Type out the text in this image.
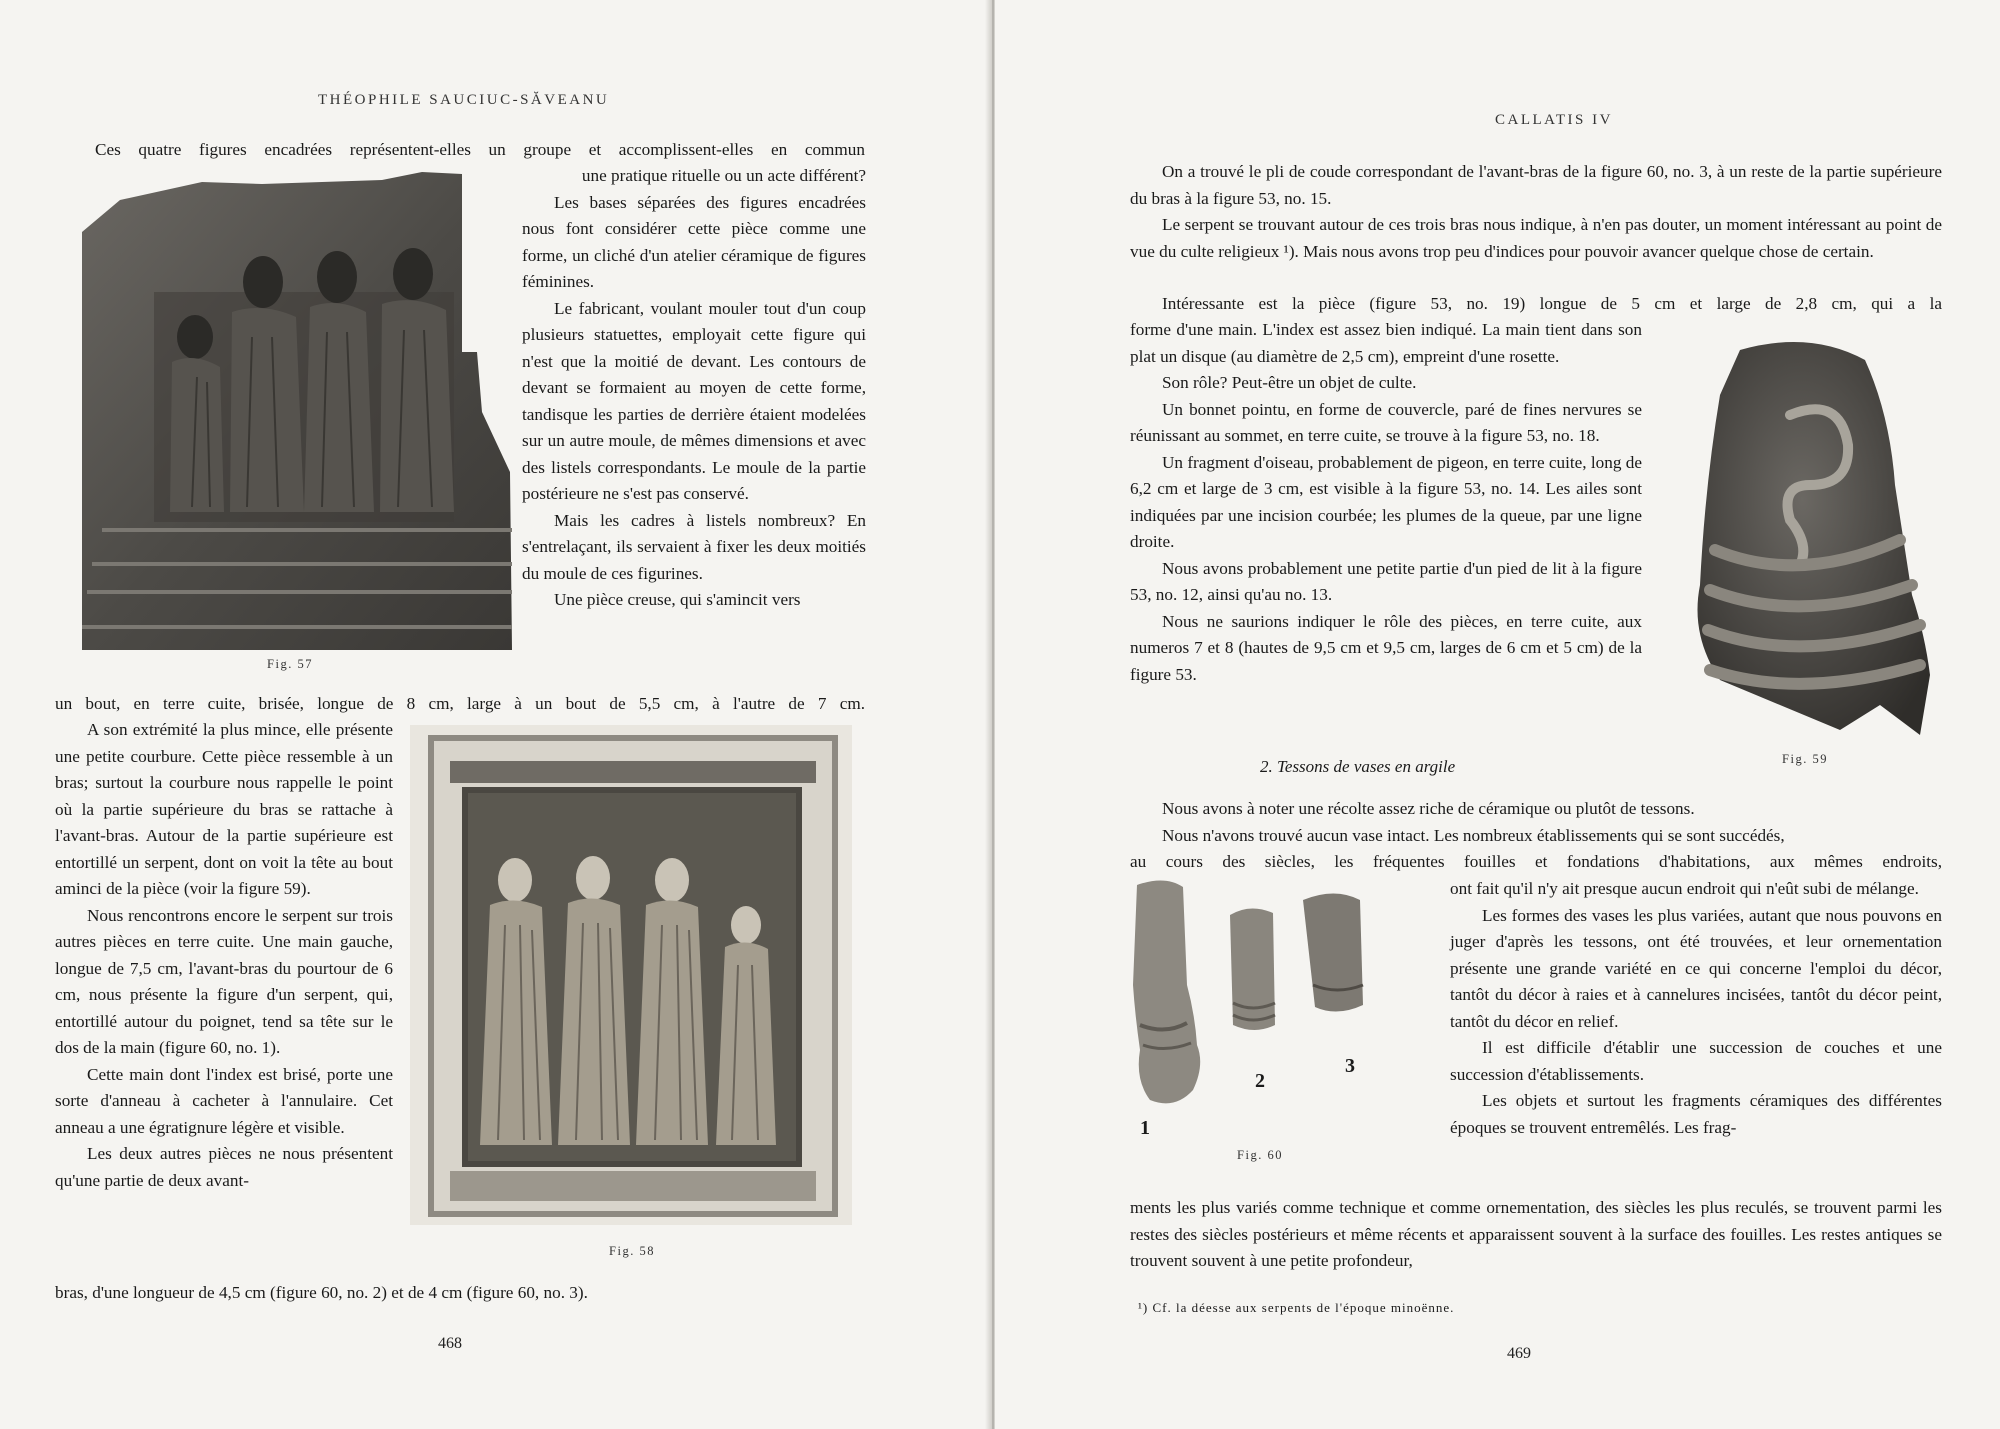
THÉOPHILE SAUCIUC-SĂVEANU

Ces quatre figures encadrées représentent-elles un groupe et accomplissent-elles en commun

Fig. 57

une pratique rituelle ou un acte différent?

Les bases séparées des figures encadrées nous font considérer cette pièce comme une forme, un cliché d'un atelier céramique de figures féminines.

Le fabricant, voulant mouler tout d'un coup plusieurs statuettes, employait cette figure qui n'est que la moitié de devant. Les contours de devant se formaient au moyen de cette forme, tandisque les parties de derrière étaient modelées sur un autre moule, de mêmes dimensions et avec des listels correspondants. Le moule de la partie postérieure ne s'est pas conservé.

Mais les cadres à listels nombreux? En s'entrelaçant, ils servaient à fixer les deux moitiés du moule de ces figurines.

Une pièce creuse, qui s'amincit vers

un bout, en terre cuite, brisée, longue de 8 cm, large à un bout de 5,5 cm, à l'autre de 7 cm.

A son extrémité la plus mince, elle présente une petite courbure. Cette pièce ressemble à un bras; surtout la courbure nous rappelle le point où la partie supérieure du bras se rattache à l'avant-bras. Autour de la partie supérieure est entortillé un serpent, dont on voit la tête au bout aminci de la pièce (voir la figure 59).

Nous rencontrons encore le serpent sur trois autres pièces en terre cuite. Une main gauche, longue de 7,5 cm, l'avant-bras du pourtour de 6 cm, nous présente la figure d'un serpent, qui, entortillé autour du poignet, tend sa tête sur le dos de la main (figure 60, no. 1).

Cette main dont l'index est brisé, porte une sorte d'anneau à cacheter à l'annulaire. Cet anneau a une égratignure légère et visible.

Les deux autres pièces ne nous présentent qu'une partie de deux avant-

Fig. 58

bras, d'une longueur de 4,5 cm (figure 60, no. 2) et de 4 cm (figure 60, no. 3).

468
CALLATIS IV

On a trouvé le pli de coude correspondant de l'avant-bras de la figure 60, no. 3, à un reste de la partie supérieure du bras à la figure 53, no. 15.

Le serpent se trouvant autour de ces trois bras nous indique, à n'en pas douter, un moment intéressant au point de vue du culte religieux ¹). Mais nous avons trop peu d'indices pour pouvoir avancer quelque chose de certain.

Intéressante est la pièce (figure 53, no. 19) longue de 5 cm et large de 2,8 cm, qui a la

forme d'une main. L'index est assez bien indiqué. La main tient dans son plat un disque (au diamètre de 2,5 cm), empreint d'une rosette.

Son rôle? Peut-être un objet de culte.

Un bonnet pointu, en forme de couvercle, paré de fines nervures se réunissant au sommet, en terre cuite, se trouve à la figure 53, no. 18.

Un fragment d'oiseau, probablement de pigeon, en terre cuite, long de 6,2 cm et large de 3 cm, est visible à la figure 53, no. 14. Les ailes sont indiquées par une incision courbée; les plumes de la queue, par une ligne droite.

Nous avons probablement une petite partie d'un pied de lit à la figure 53, no. 12, ainsi qu'au no. 13.

Nous ne saurions indiquer le rôle des pièces, en terre cuite, aux numeros 7 et 8 (hautes de 9,5 cm et 9,5 cm, larges de 6 cm et 5 cm) de la figure 53.

Fig. 59
2. Tessons de vases en argile

Nous avons à noter une récolte assez riche de céramique ou plutôt de tessons.

Nous n'avons trouvé aucun vase intact. Les nombreux établissements qui se sont succédés,

1
2
3
Fig. 60

au cours des siècles, les fréquentes fouilles et fondations d'habitations, aux mêmes endroits,

ont fait qu'il n'y ait presque aucun endroit qui n'eût subi de mélange.

Les formes des vases les plus variées, autant que nous pouvons en juger d'après les tessons, ont été trouvées, et leur ornementation présente une grande variété en ce qui concerne l'emploi du décor, tantôt du décor à raies et à cannelures incisées, tantôt du décor peint, tantôt du décor en relief.

Il est difficile d'établir une succession de couches et une succession d'établissements.

Les objets et surtout les fragments céramiques des différentes époques se trouvent entremêlés. Les frag-

ments les plus variés comme technique et comme ornementation, des siècles les plus reculés, se trouvent parmi les restes des siècles postérieurs et même récents et apparaissent souvent à la surface des fouilles. Les restes antiques se trouvent souvent à une petite profondeur,

¹) Cf. la déesse aux serpents de l'époque minoënne.
469
